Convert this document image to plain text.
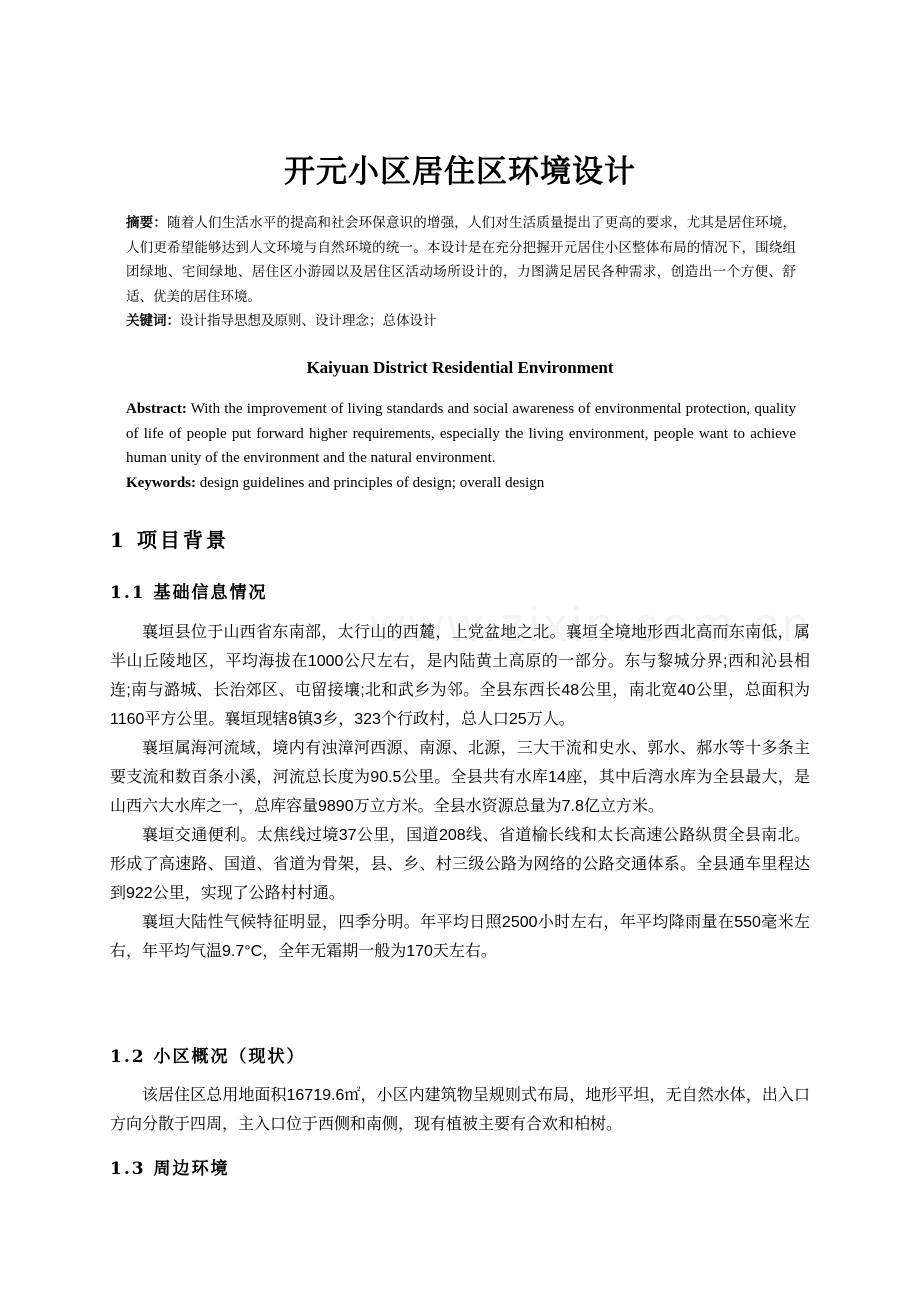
开元小区居住区环境设计
摘要：随着人们生活水平的提高和社会环保意识的增强，人们对生活质量提出了更高的要求，尤其是居住环境，人们更希望能够达到人文环境与自然环境的统一。本设计是在充分把握开元居住小区整体布局的情况下，围绕组团绿地、宅间绿地、居住区小游园以及居住区活动场所设计的，力图满足居民各种需求，创造出一个方便、舒适、优美的居住环境。
关键词：设计指导思想及原则、设计理念；总体设计
Kaiyuan District Residential Environment
Abstract: With the improvement of living standards and social awareness of environmental protection, quality of life of people put forward higher requirements, especially the living environment, people want to achieve human unity of the environment and the natural environment.
Keywords: design guidelines and principles of design; overall design
1 项目背景
1.1 基础信息情况

襄垣县位于山西省东南部，太行山的西麓，上党盆地之北。襄垣全境地形西北高而东南低，属半山丘陵地区，平均海拔在1000公尺左右，是内陆黄土高原的一部分。东与黎城分界;西和沁县相连;南与潞城、长治郊区、屯留接壤;北和武乡为邻。全县东西长48公里，南北宽40公里，总面积为1160平方公里。襄垣现辖8镇3乡，323个行政村，总人口25万人。

襄垣属海河流域，境内有浊漳河西源、南源、北源，三大干流和史水、郭水、郝水等十多条主要支流和数百条小溪，河流总长度为90.5公里。全县共有水库14座，其中后湾水库为全县最大，是山西六大水库之一，总库容量9890万立方米。全县水资源总量为7.8亿立方米。

襄垣交通便利。太焦线过境37公里，国道208线、省道榆长线和太长高速公路纵贯全县南北。形成了高速路、国道、省道为骨架，县、乡、村三级公路为网络的公路交通体系。全县通车里程达到922公里，实现了公路村村通。

襄垣大陆性气候特征明显，四季分明。年平均日照2500小时左右，年平均降雨量在550毫米左右，年平均气温9.7°C，全年无霜期一般为170天左右。

1.2 小区概况（现状）

该居住区总用地面积16719.6㎡，小区内建筑物呈规则式布局，地形平坦，无自然水体，出入口方向分散于四周，主入口位于西侧和南侧，现有植被主要有合欢和柏树。

1.3 周边环境
